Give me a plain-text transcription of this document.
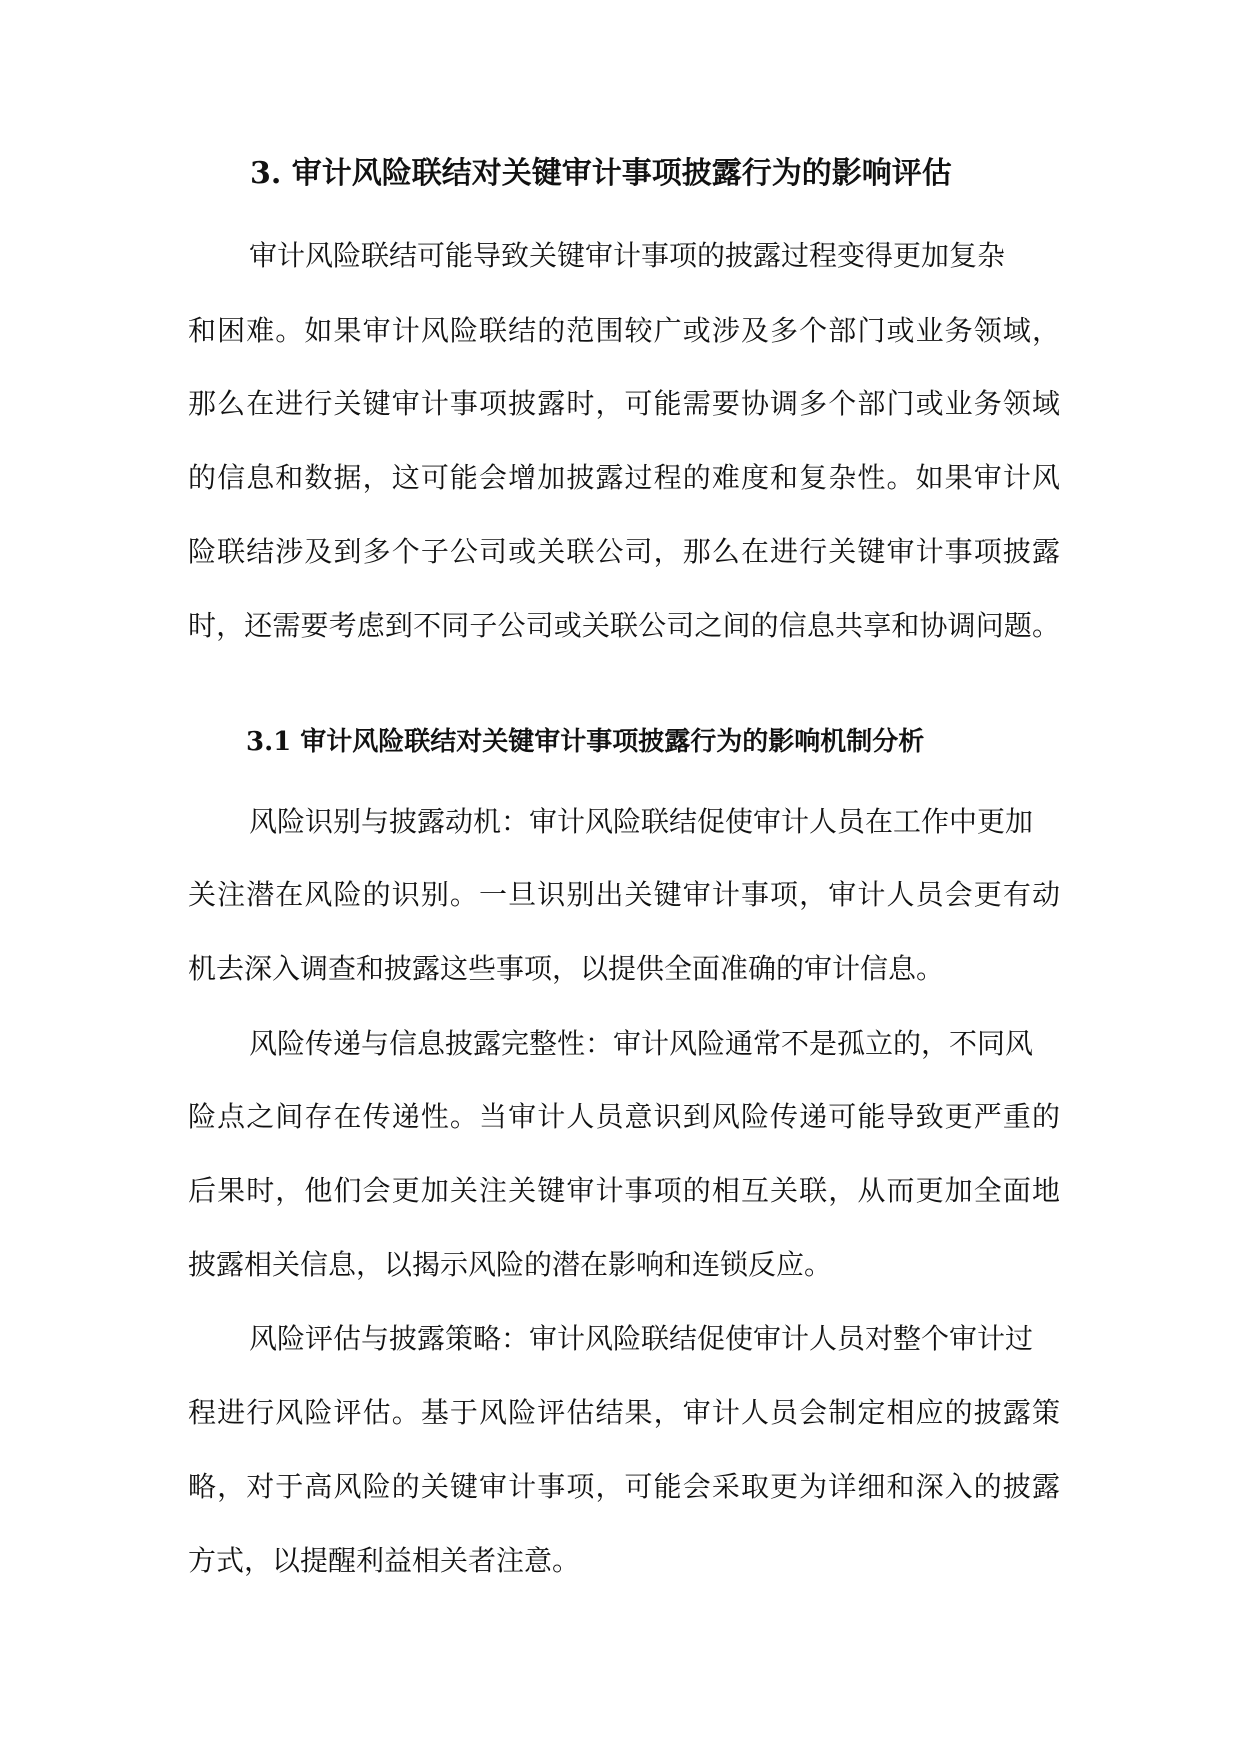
3. 审计风险联结对关键审计事项披露行为的影响评估

审计风险联结可能导致关键审计事项的披露过程变得更加复杂

和困难。如果审计风险联结的范围较广或涉及多个部门或业务领域，

那么在进行关键审计事项披露时，可能需要协调多个部门或业务领域

的信息和数据，这可能会增加披露过程的难度和复杂性。如果审计风

险联结涉及到多个子公司或关联公司，那么在进行关键审计事项披露

时，还需要考虑到不同子公司或关联公司之间的信息共享和协调问题。

3.1 审计风险联结对关键审计事项披露行为的影响机制分析

风险识别与披露动机：审计风险联结促使审计人员在工作中更加

关注潜在风险的识别。一旦识别出关键审计事项，审计人员会更有动

机去深入调查和披露这些事项，以提供全面准确的审计信息。

风险传递与信息披露完整性：审计风险通常不是孤立的，不同风

险点之间存在传递性。当审计人员意识到风险传递可能导致更严重的

后果时，他们会更加关注关键审计事项的相互关联，从而更加全面地

披露相关信息，以揭示风险的潜在影响和连锁反应。

风险评估与披露策略：审计风险联结促使审计人员对整个审计过

程进行风险评估。基于风险评估结果，审计人员会制定相应的披露策

略，对于高风险的关键审计事项，可能会采取更为详细和深入的披露

方式，以提醒利益相关者注意。
